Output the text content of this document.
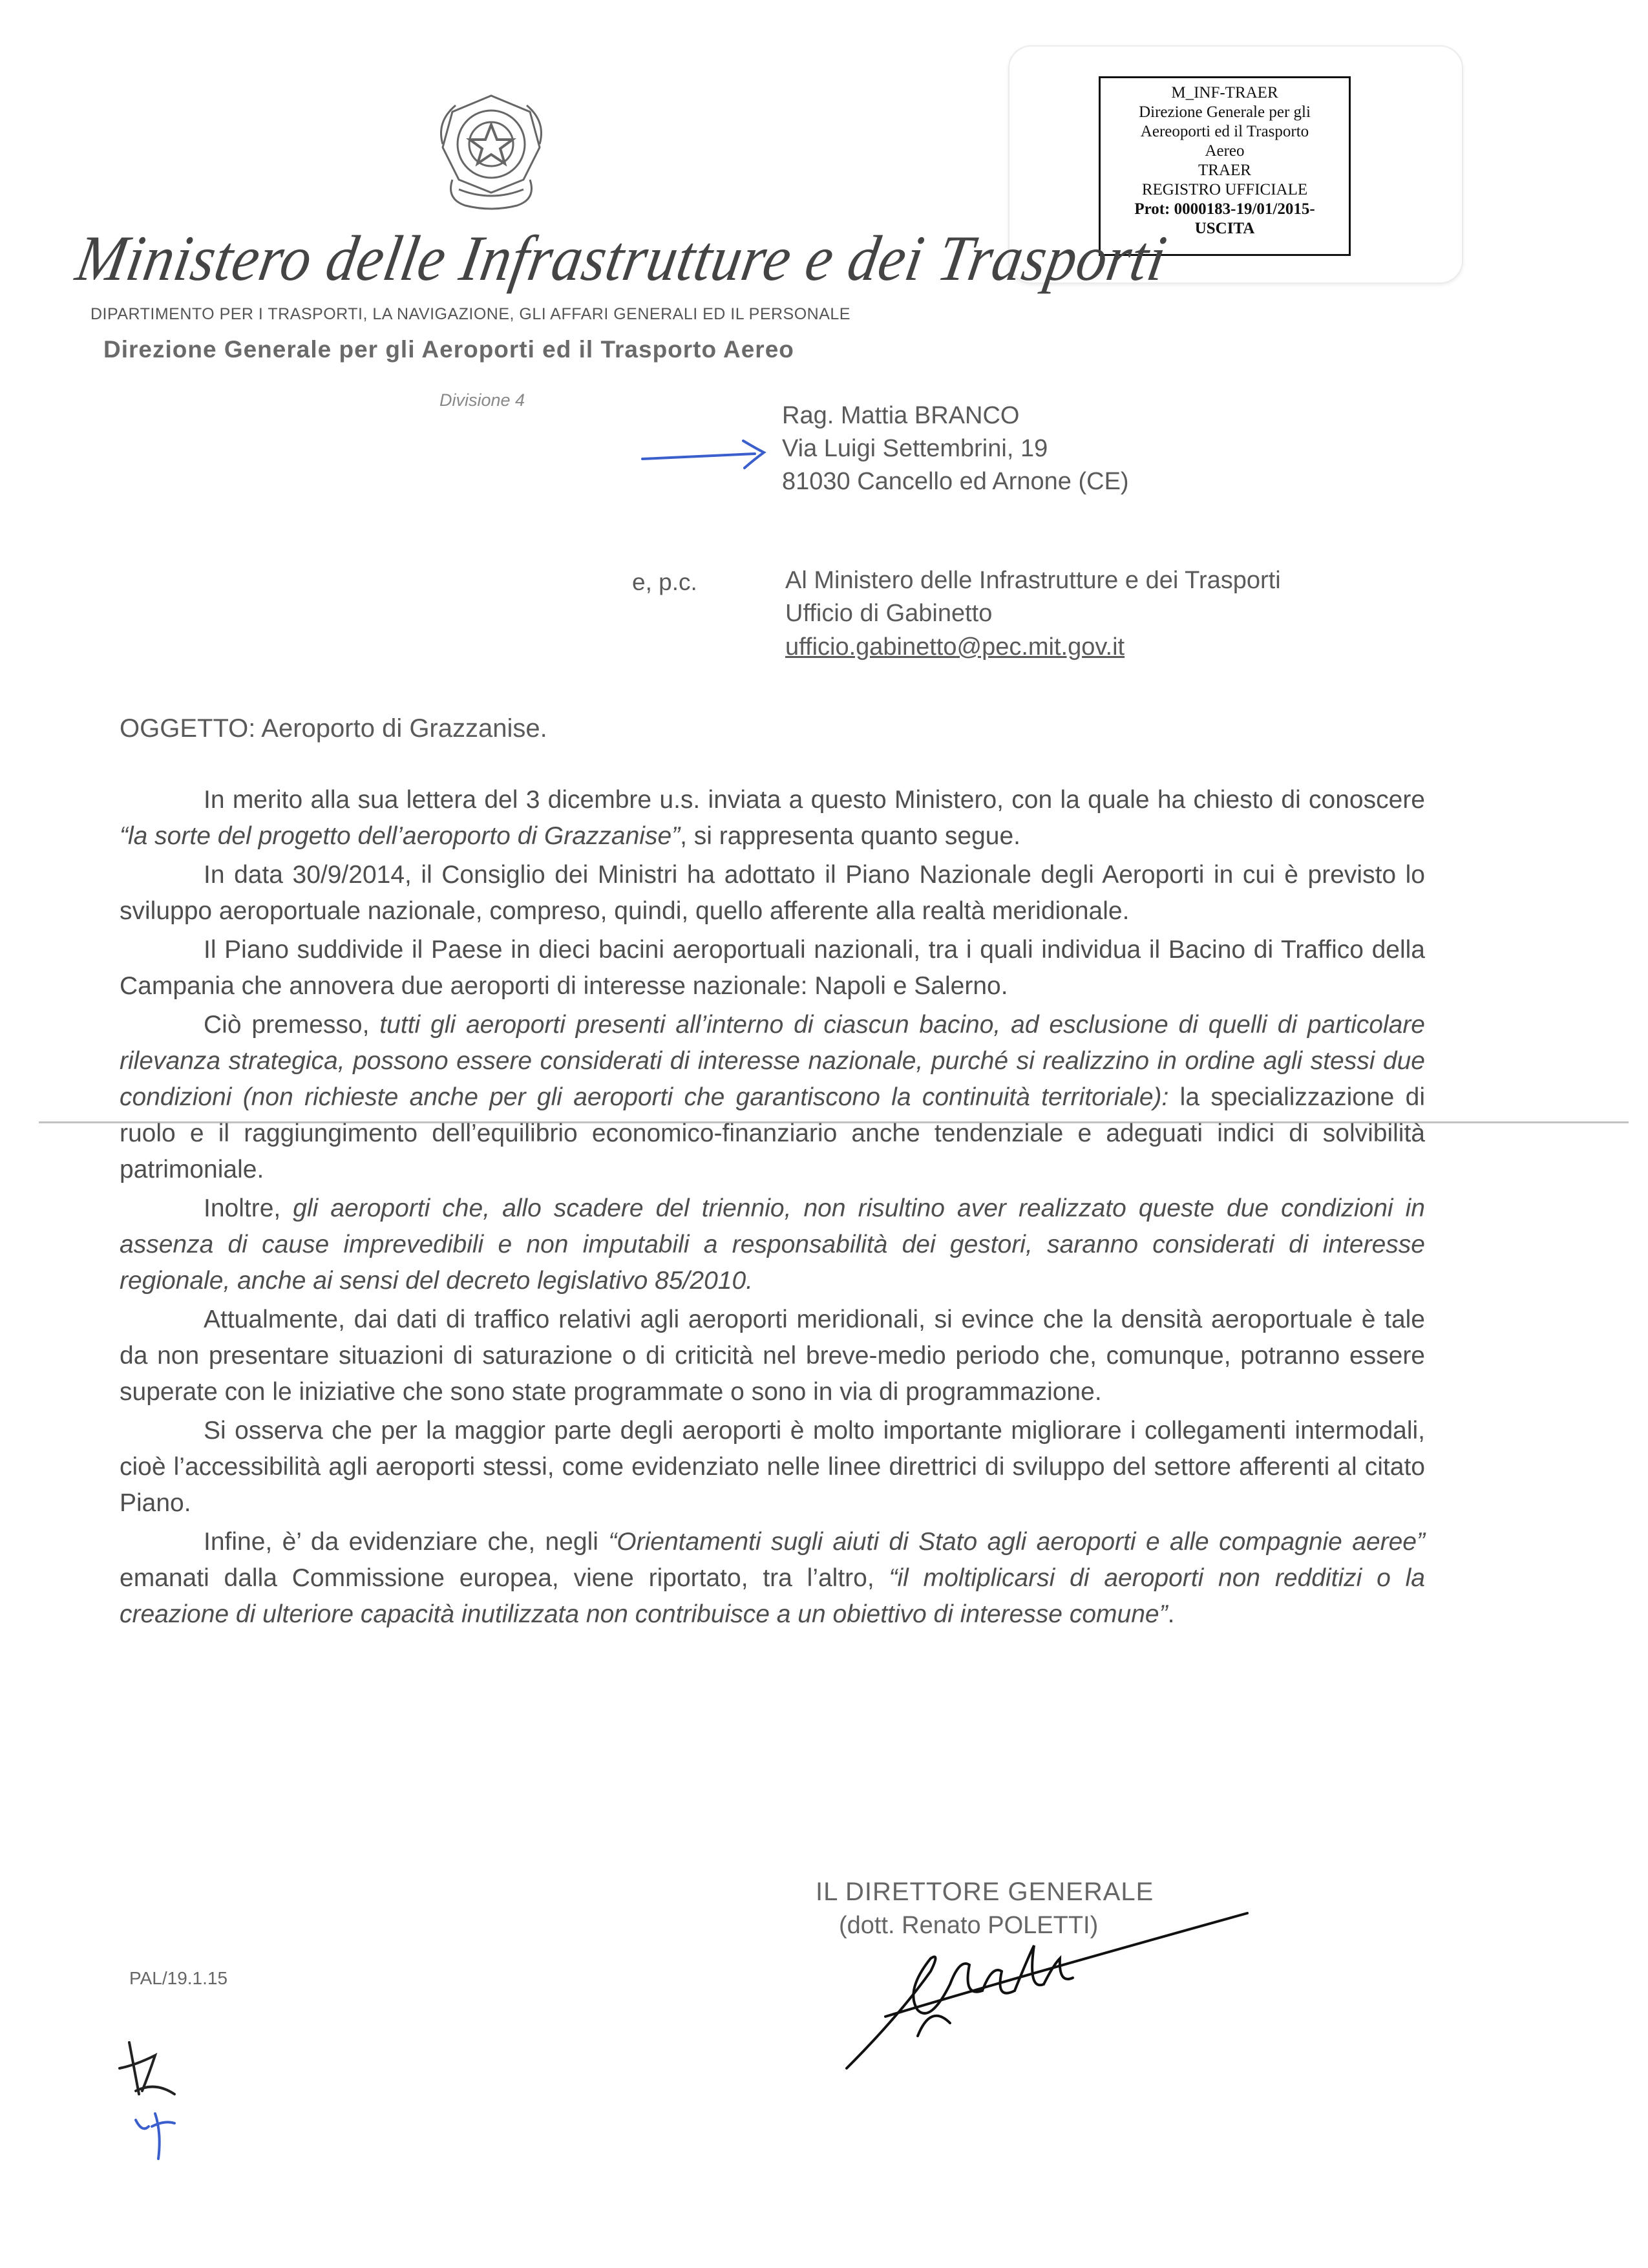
M_INF-TRAER
Direzione Generale per gli
Aereoporti ed il Trasporto
Aereo
TRAER
REGISTRO UFFICIALE
Prot: 0000183-19/01/2015-
USCITA
Ministero delle Infrastrutture e dei Trasporti
DIPARTIMENTO PER I TRASPORTI, LA NAVIGAZIONE, GLI AFFARI GENERALI ED IL PERSONALE
Direzione Generale per gli Aeroporti ed il Trasporto Aereo
Divisione 4
Rag. Mattia BRANCO
Via Luigi Settembrini, 19
81030 Cancello ed Arnone (CE)
e, p.c.	Al Ministero delle Infrastrutture e dei Trasporti
Ufficio di Gabinetto
ufficio.gabinetto@pec.mit.gov.it
OGGETTO: Aeroporto di Grazzanise.

In merito alla sua lettera del 3 dicembre u.s. inviata a questo Ministero, con la quale ha chiesto di conoscere “la sorte del progetto dell’aeroporto di Grazzanise”, si rappresenta quanto segue.

In data 30/9/2014, il Consiglio dei Ministri ha adottato il Piano Nazionale degli Aeroporti in cui è previsto lo sviluppo aeroportuale nazionale, compreso, quindi, quello afferente alla realtà meridionale.

Il Piano suddivide il Paese in dieci bacini aeroportuali nazionali, tra i quali individua il Bacino di Traffico della Campania che annovera due aeroporti di interesse nazionale: Napoli e Salerno.

Ciò premesso, tutti gli aeroporti presenti all’interno di ciascun bacino, ad esclusione di quelli di particolare rilevanza strategica, possono essere considerati di interesse nazionale, purché si realizzino in ordine agli stessi due condizioni (non richieste anche per gli aeroporti che garantiscono la continuità territoriale): la specializzazione di ruolo e il raggiungimento dell’equilibrio economico-finanziario anche tendenziale e adeguati indici di solvibilità patrimoniale.

Inoltre, gli aeroporti che, allo scadere del triennio, non risultino aver realizzato queste due condizioni in assenza di cause imprevedibili e non imputabili a responsabilità dei gestori, saranno considerati di interesse regionale, anche ai sensi del decreto legislativo 85/2010.

Attualmente, dai dati di traffico relativi agli aeroporti meridionali, si evince che la densità aeroportuale è tale da non presentare situazioni di saturazione o di criticità nel breve-medio periodo che, comunque, potranno essere superate con le iniziative che sono state programmate o sono in via di programmazione.

Si osserva che per la maggior parte degli aeroporti è molto importante migliorare i collegamenti intermodali, cioè l’accessibilità agli aeroporti stessi, come evidenziato nelle linee direttrici di sviluppo del settore afferenti al citato Piano.

Infine, è’ da evidenziare che, negli “Orientamenti sugli aiuti di Stato agli aeroporti e alle compagnie aeree” emanati dalla Commissione europea, viene riportato, tra l’altro, “il moltiplicarsi di aeroporti non redditizi o la creazione di ulteriore capacità inutilizzata non contribuisce a un obiettivo di interesse comune”.

IL DIRETTORE GENERALE
(dott. Renato POLETTI)
PAL/19.1.15
